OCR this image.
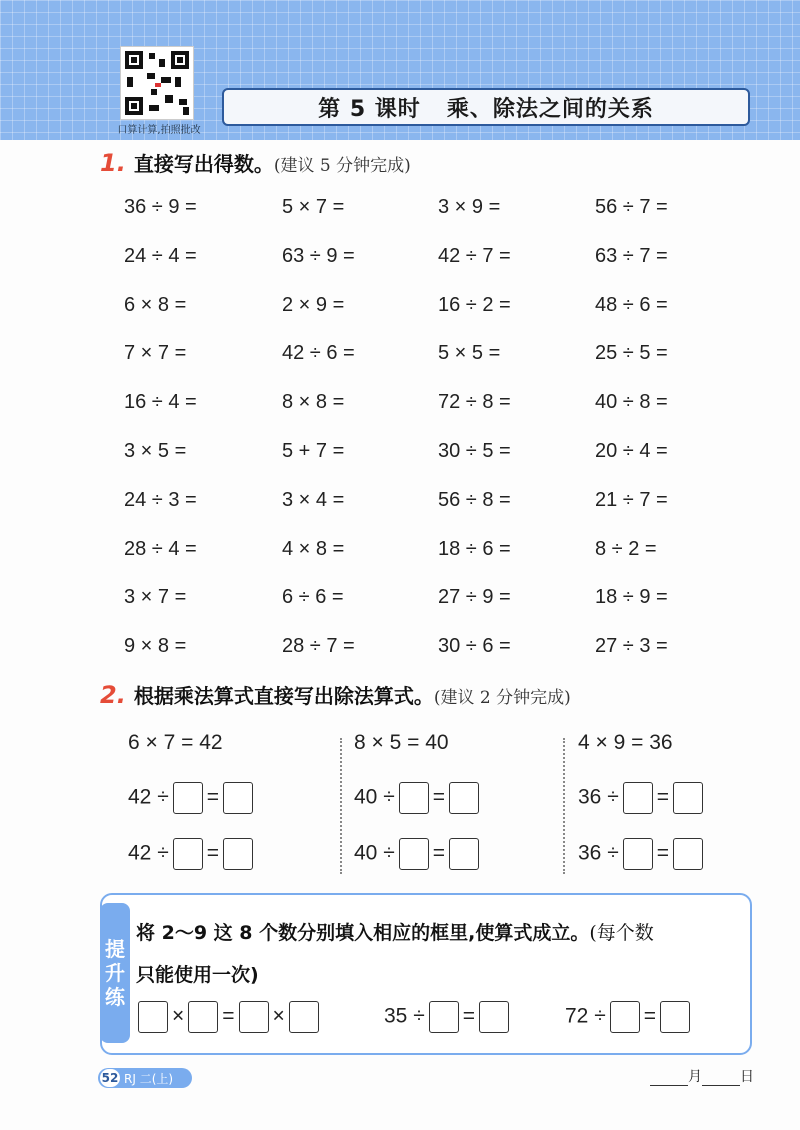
口算计算,拍照批改
第 5 课时 乘、除法之间的关系
1. 直接写出得数。(建议 5 分钟完成)
36 ÷ 9 =	5 × 7 =	3 × 9 =	56 ÷ 7 =
24 ÷ 4 =	63 ÷ 9 =	42 ÷ 7 =	63 ÷ 7 =
6 × 8 =	2 × 9 =	16 ÷ 2 =	48 ÷ 6 =
7 × 7 =	42 ÷ 6 =	5 × 5 =	25 ÷ 5 =
16 ÷ 4 =	8 × 8 =	72 ÷ 8 =	40 ÷ 8 =
3 × 5 =	5 + 7 =	30 ÷ 5 =	20 ÷ 4 =
24 ÷ 3 =	3 × 4 =	56 ÷ 8 =	21 ÷ 7 =
28 ÷ 4 =	4 × 8 =	18 ÷ 6 =	8 ÷ 2 =
3 × 7 =	6 ÷ 6 =	27 ÷ 9 =	18 ÷ 9 =
9 × 8 =	28 ÷ 7 =	30 ÷ 6 =	27 ÷ 3 =
2. 根据乘法算式直接写出除法算式。(建议 2 分钟完成)
6 × 7 = 42
42 ÷ =
42 ÷ =
8 × 5 = 40
40 ÷ =
40 ÷ =
4 × 9 = 36
36 ÷ =
36 ÷ =
提
升
练
将 2～9 这 8 个数分别填入相应的框里,使算式成立。(每个数
只能使用一次)
× = ×	35 ÷ =	72 ÷ =
52 RJ 二(上)	月	日
